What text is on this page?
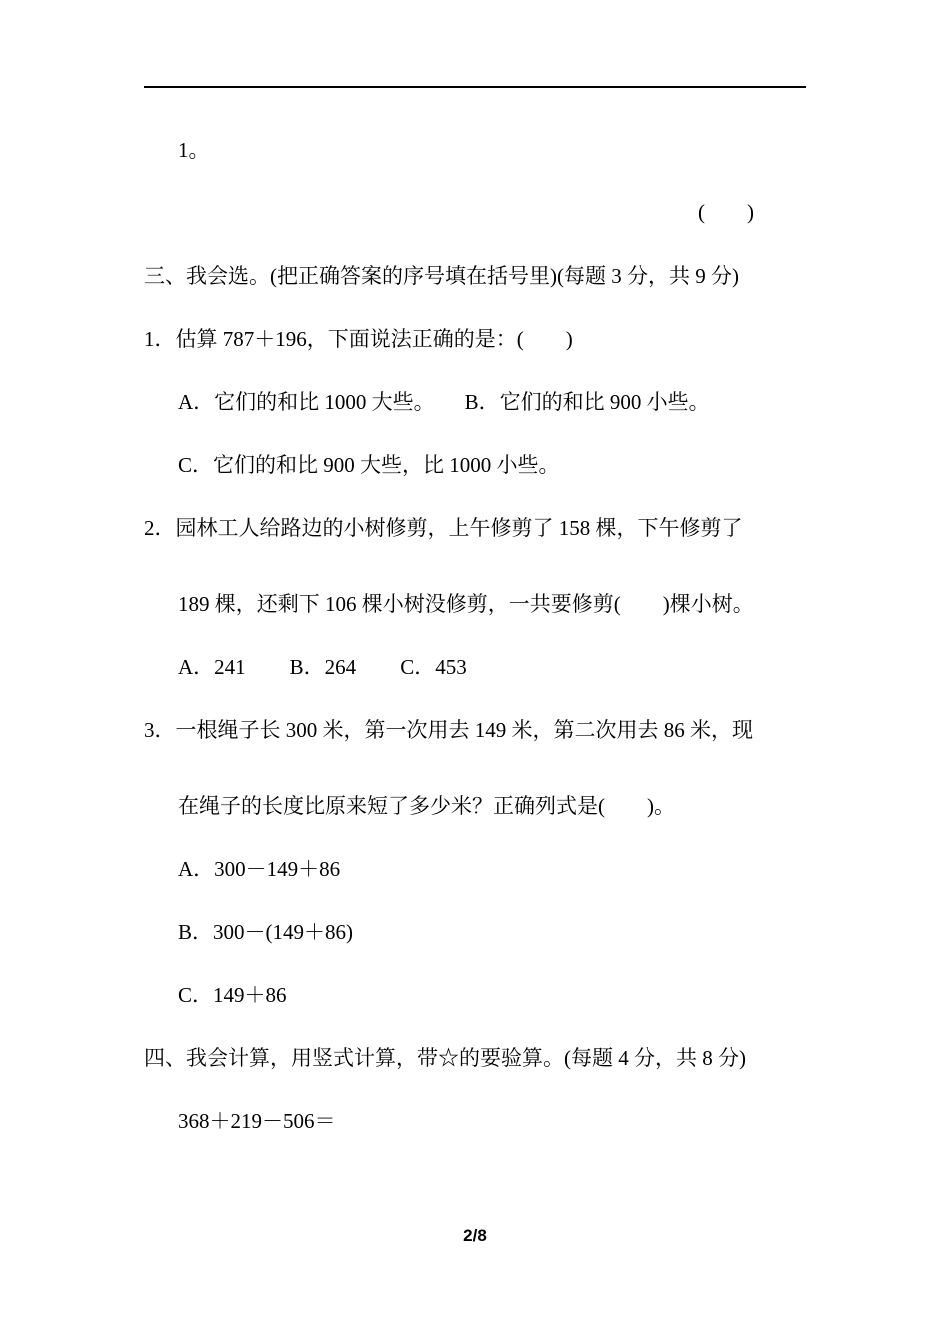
1。
(　　)
三、我会选。(把正确答案的序号填在括号里)(每题 3 分，共 9 分)
1．估算 787＋196，下面说法正确的是：(　　)
A．它们的和比 1000 大些。 B．它们的和比 900 小些。
C．它们的和比 900 大些，比 1000 小些。
2．园林工人给路边的小树修剪，上午修剪了 158 棵，下午修剪了
189 棵，还剩下 106 棵小树没修剪，一共要修剪(　　)棵小树。
A．241 B．264 C．453
3．一根绳子长 300 米，第一次用去 149 米，第二次用去 86 米，现
在绳子的长度比原来短了多少米？正确列式是(　　)。
A．300－149＋86
B．300－(149＋86)
C．149＋86
四、我会计算，用竖式计算，带☆的要验算。(每题 4 分，共 8 分)
368＋219－506＝
2/8
